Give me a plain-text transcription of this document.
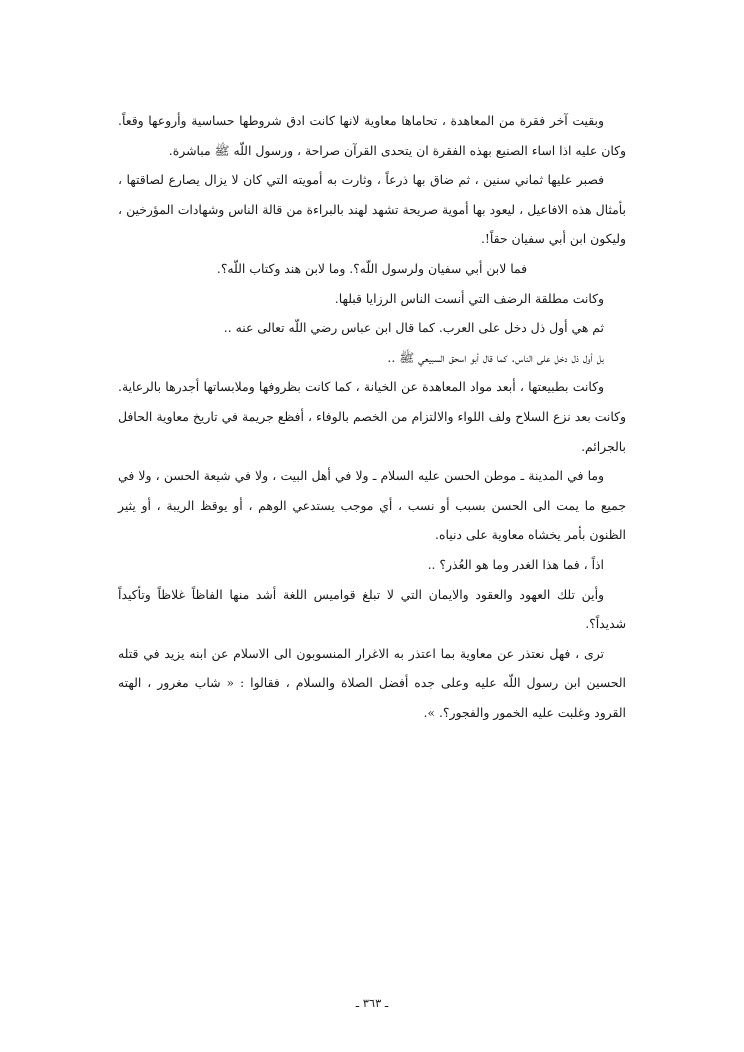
وبقيت آخر فقرة من المعاهدة ، تحاماها معاوية لانها كانت ادق شروطها حساسية وأروعها وقعاً. وكان عليه اذا اساء الصنيع بهذه الفقرة ان يتحدى القرآن صراحة ، ورسول اللّه ﷺ مباشرة.

فصبر عليها ثماني سنين ، ثم ضاق بها ذرعاً ، وثارت به أمويته التي كان لا يزال يصارع لصاقتها ، بأمثال هذه الافاعيل ، ليعود بها أموية صريحة تشهد لهند بالبراءة من قالة الناس وشهادات المؤرخين ، وليكون ابن أبي سفيان حقاً!.

فما لابن أبي سفيان ولرسول اللّه؟. وما لابن هند وكتاب اللّه؟.

وكانت مطلقة الرضف التي أنست الناس الرزايا قبلها.

ثم هي أول ذل دخل على العرب. كما قال ابن عباس رضي اللّه تعالى عنه ..

بل أول ذل دخل على الناس. كما قال أبو اسحق السبيعي ﷺ ..

وكانت بطبيعتها ، أبعد مواد المعاهدة عن الخيانة ، كما كانت بظروفها وملابساتها أجدرها بالرعاية. وكانت بعد نزع السلاح ولف اللواء والالتزام من الخصم بالوفاء ، أفظع جريمة في تاريخ معاوية الحافل بالجرائم.

وما في المدينة ـ موطن الحسن عليه السلام ـ ولا في أهل البيت ، ولا في شيعة الحسن ، ولا في جميع ما يمت الى الحسن بسبب أو نسب ، أي موجب يستدعي الوهم ، أو يوقظ الريبة ، أو يثير الظنون بأمر يخشاه معاوية على دنياه.

اذاً ، فما هذا الغدر وما هو العُذر؟ ..

وأين تلك العهود والعقود والايمان التي لا تبلغ قواميس اللغة أشد منها الفاظاً غلاظاً وتأكيداً شديداً؟.

ترى ، فهل نعتذر عن معاوية بما اعتذر به الاغرار المنسوبون الى الاسلام عن ابنه يزيد في قتله الحسين ابن رسول اللّه عليه وعلى جده أفضل الصلاة والسلام ، فقالوا : « شاب مغرور ، الهته القرود وغلبت عليه الخمور والفجور؟. ».

ـ ٣٦٣ ـ
